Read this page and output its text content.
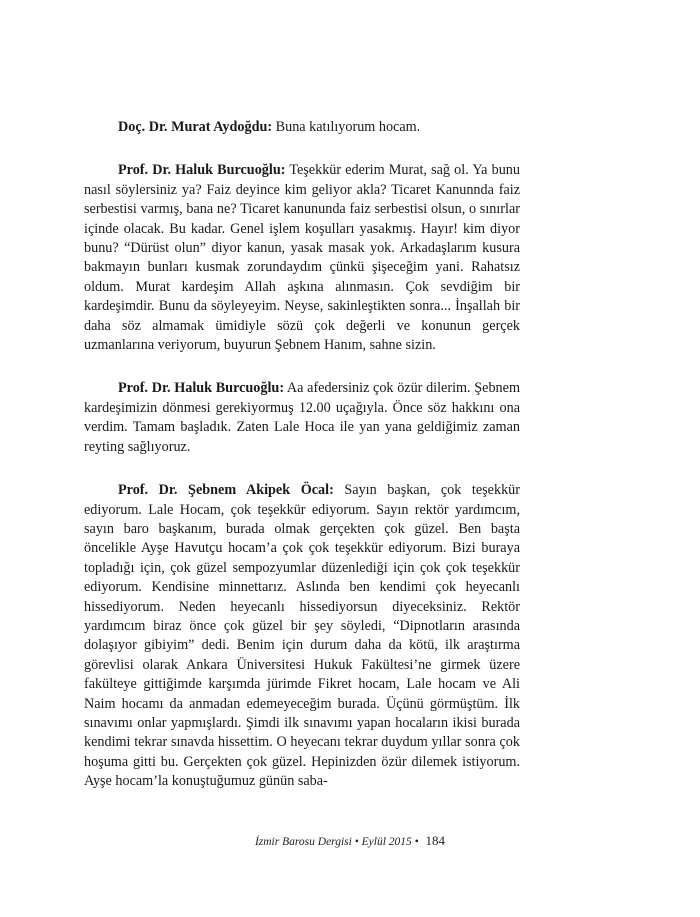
Doç. Dr. Murat Aydoğdu: Buna katılıyorum hocam.

Prof. Dr. Haluk Burcuoğlu: Teşekkür ederim Murat, sağ ol. Ya bunu nasıl söylersiniz ya? Faiz deyince kim geliyor akla? Ticaret Kanunnda faiz serbestisi varmış, bana ne? Ticaret kanununda faiz serbestisi olsun, o sınırlar içinde olacak. Bu kadar. Genel işlem koşulları yasakmış. Hayır! kim diyor bunu? “Dürüst olun” diyor kanun, yasak masak yok. Arkadaşlarım kusura bakmayın bunları kusmak zorundaydım çünkü şişeceğim yani. Rahatsız oldum. Murat kardeşim Allah aşkına alınmasın. Çok sevdiğim bir kardeşimdir. Bunu da söyleyeyim. Neyse, sakinleştikten sonra... İnşallah bir daha söz almamak ümidiyle sözü çok değerli ve konunun gerçek uzmanlarına veriyorum, buyurun Şebnem Hanım, sahne sizin.

Prof. Dr. Haluk Burcuoğlu: Aa afedersiniz çok özür dilerim. Şebnem kardeşimizin dönmesi gerekiyormuş 12.00 uçağıyla. Önce söz hakkını ona verdim. Tamam başladık. Zaten Lale Hoca ile yan yana geldiğimiz zaman reyting sağlıyoruz.

Prof. Dr. Şebnem Akipek Öcal: Sayın başkan, çok teşekkür ediyorum. Lale Hocam, çok teşekkür ediyorum. Sayın rektör yardımcım, sayın baro başkanım, burada olmak gerçekten çok güzel. Ben başta öncelikle Ayşe Havutçu hocam’a çok çok teşekkür ediyorum. Bizi buraya topladığı için, çok güzel sempozyumlar düzenlediği için çok çok teşekkür ediyorum. Kendisine minnettarız. Aslında ben kendimi çok heyecanlı hissediyorum. Neden heyecanlı hissediyorsun diyeceksiniz. Rektör yardımcım biraz önce çok güzel bir şey söyledi, “Dipnotların arasında dolaşıyor gibiyim” dedi. Benim için durum daha da kötü, ilk araştırma görevlisi olarak Ankara Üniversitesi Hukuk Fakültesi’ne girmek üzere fakülteye gittiğimde karşımda jürimde Fikret hocam, Lale hocam ve Ali Naim hocamı da anmadan edemeyeceğim burada. Üçünü görmüştüm. İlk sınavımı onlar yapmışlardı. Şimdi ilk sınavımı yapan hocaların ikisi burada kendimi tekrar sınavda hissettim. O heyecanı tekrar duydum yıllar sonra çok hoşuma gitti bu. Gerçekten çok güzel. Hepinizden özür dilemek istiyorum. Ayşe hocam’la konuştuğumuz günün saba-

İzmir Barosu Dergisi • Eylül 2015 • 184
